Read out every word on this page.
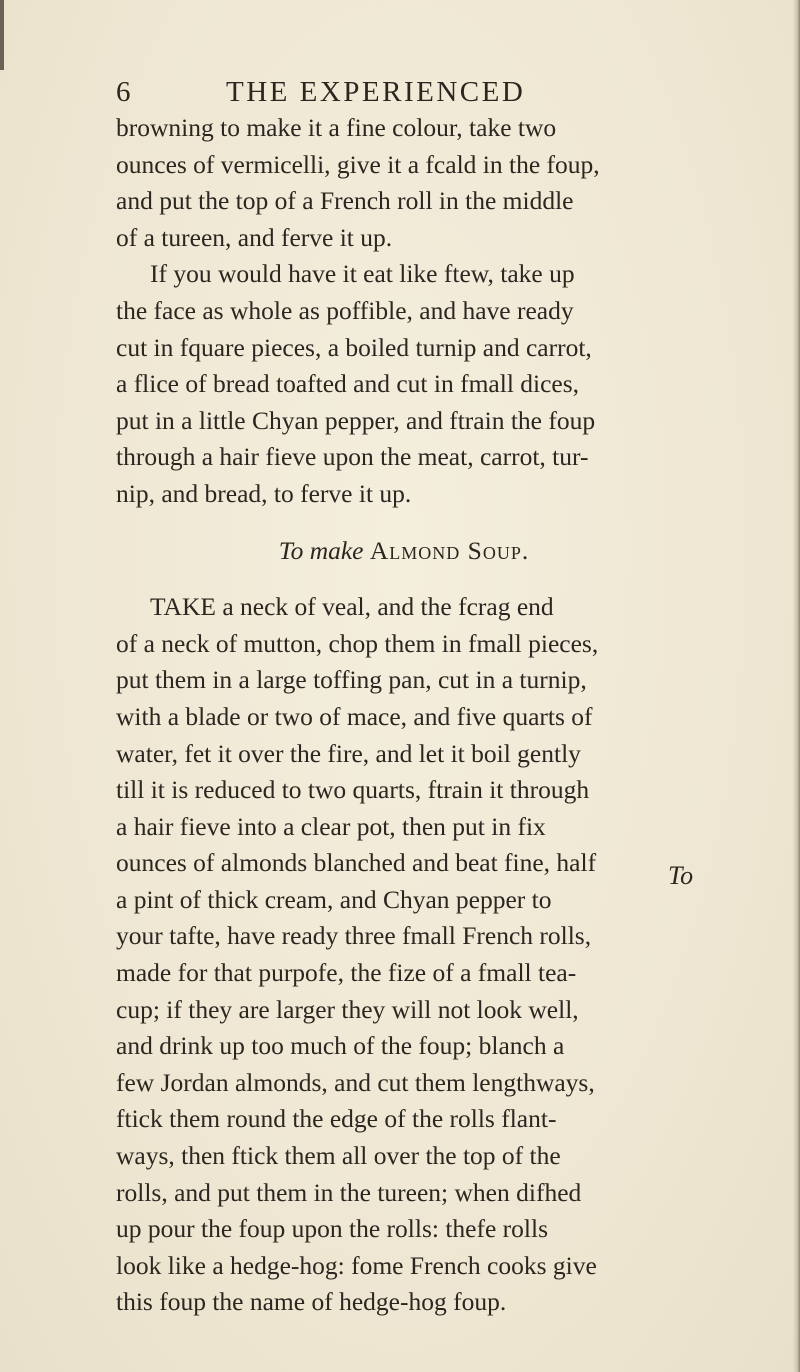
6	THE EXPERIENCED
browning to make it a fine colour, take two
ounces of vermicelli, give it a fcald in the foup,
and put the top of a French roll in the middle
of a tureen, and ferve it up.
If you would have it eat like ftew, take up
the face as whole as poffible, and have ready
cut in fquare pieces, a boiled turnip and carrot,
a flice of bread toafted and cut in fmall dices,
put in a little Chyan pepper, and ftrain the foup
through a hair fieve upon the meat, carrot, tur-
nip, and bread, to ferve it up.
To make Almond Soup.
TAKE a neck of veal, and the fcrag end
of a neck of mutton, chop them in fmall pieces,
put them in a large toffing pan, cut in a turnip,
with a blade or two of mace, and five quarts of
water, fet it over the fire, and let it boil gently
till it is reduced to two quarts, ftrain it through
a hair fieve into a clear pot, then put in fix
ounces of almonds blanched and beat fine, half
a pint of thick cream, and Chyan pepper to
your tafte, have ready three fmall French rolls,
made for that purpofe, the fize of a fmall tea-
cup; if they are larger they will not look well,
and drink up too much of the foup; blanch a
few Jordan almonds, and cut them lengthways,
ftick them round the edge of the rolls flant-
ways, then ftick them all over the top of the
rolls, and put them in the tureen; when difhed
up pour the foup upon the rolls: thefe rolls
look like a hedge-hog: fome French cooks give
this foup the name of hedge-hog foup.
To
